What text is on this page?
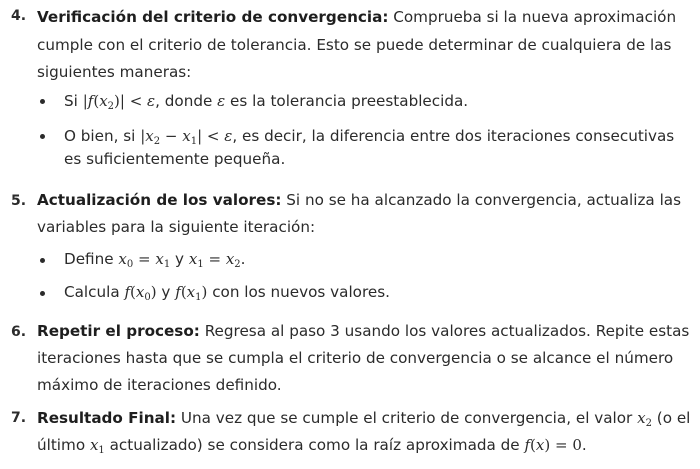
4. Verificación del criterio de convergencia: Comprueba si la nueva aproximación
cumple con el criterio de tolerancia. Esto se puede determinar de cualquiera de las
siguientes maneras:
Si $|f(x_2)| < \varepsilon$, donde ε es la tolerancia preestablecida.
O bien, si $|x_2 - x_1| < \varepsilon$, es decir, la diferencia entre dos iteraciones consecutivas
es suficientemente pequeña.
5. Actualización de los valores: Si no se ha alcanzado la convergencia, actualiza las
variables para la siguiente iteración:
Define $x_0 = x_1$ y $x_1 = x_2$.
Calcula $f(x_0)$ y $f(x_1)$ con los nuevos valores.
6. Repetir el proceso: Regresa al paso 3 usando los valores actualizados. Repite estas
iteraciones hasta que se cumpla el criterio de convergencia o se alcance el número
máximo de iteraciones definido.
7. Resultado Final: Una vez que se cumple el criterio de convergencia, el valor $x_2$ (o el
último $x_1$ actualizado) se considera como la raíz aproximada de f(x) = 0.
